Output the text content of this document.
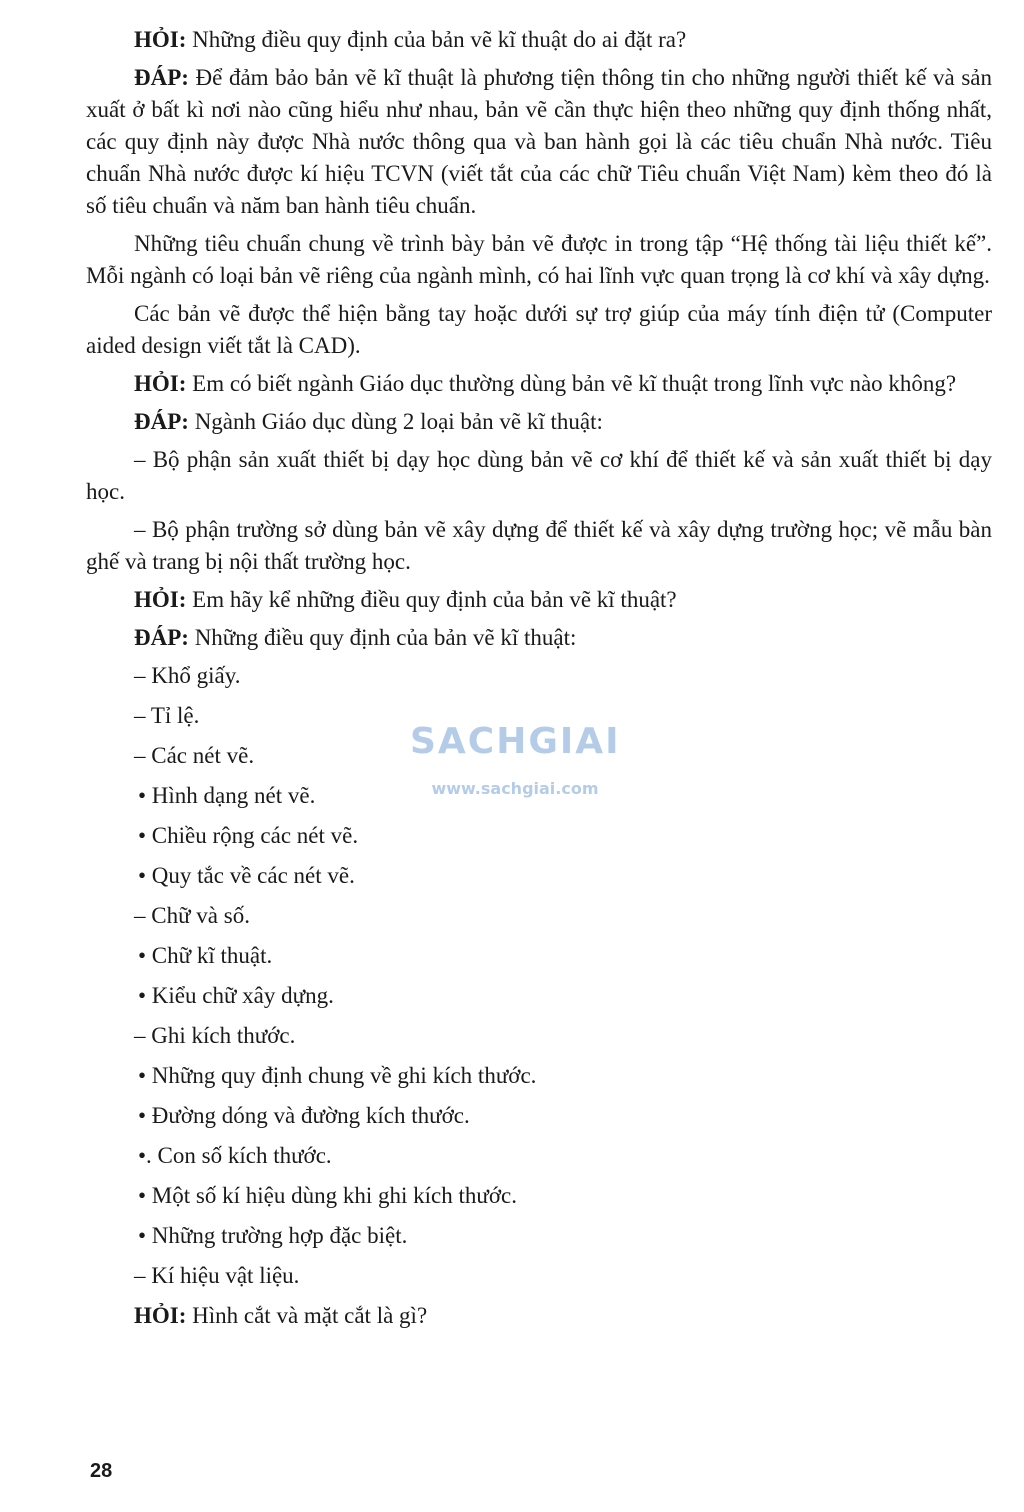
HỎI: Những điều quy định của bản vẽ kĩ thuật do ai đặt ra?

ĐÁP: Để đảm bảo bản vẽ kĩ thuật là phương tiện thông tin cho những người thiết kế và sản xuất ở bất kì nơi nào cũng hiểu như nhau, bản vẽ cần thực hiện theo những quy định thống nhất, các quy định này được Nhà nước thông qua và ban hành gọi là các tiêu chuẩn Nhà nước. Tiêu chuẩn Nhà nước được kí hiệu TCVN (viết tắt của các chữ Tiêu chuẩn Việt Nam) kèm theo đó là số tiêu chuẩn và năm ban hành tiêu chuẩn.

Những tiêu chuẩn chung về trình bày bản vẽ được in trong tập “Hệ thống tài liệu thiết kế”. Mỗi ngành có loại bản vẽ riêng của ngành mình, có hai lĩnh vực quan trọng là cơ khí và xây dựng.

Các bản vẽ được thể hiện bằng tay hoặc dưới sự trợ giúp của máy tính điện tử (Computer aided design viết tắt là CAD).

HỎI: Em có biết ngành Giáo dục thường dùng bản vẽ kĩ thuật trong lĩnh vực nào không?

ĐÁP: Ngành Giáo dục dùng 2 loại bản vẽ kĩ thuật:

– Bộ phận sản xuất thiết bị dạy học dùng bản vẽ cơ khí để thiết kế và sản xuất thiết bị dạy học.

– Bộ phận trường sở dùng bản vẽ xây dựng để thiết kế và xây dựng trường học; vẽ mẫu bàn ghế và trang bị nội thất trường học.

HỎI: Em hãy kể những điều quy định của bản vẽ kĩ thuật?

ĐÁP: Những điều quy định của bản vẽ kĩ thuật:

– Khổ giấy.

– Tỉ lệ.

– Các nét vẽ.

• Hình dạng nét vẽ.

• Chiều rộng các nét vẽ.

• Quy tắc về các nét vẽ.

– Chữ và số.

• Chữ kĩ thuật.

• Kiểu chữ xây dựng.

– Ghi kích thước.

• Những quy định chung về ghi kích thước.

• Đường dóng và đường kích thước.

•. Con số kích thước.

• Một số kí hiệu dùng khi ghi kích thước.

• Những trường hợp đặc biệt.

– Kí hiệu vật liệu.

HỎI: Hình cắt và mặt cắt là gì?

SACHGIAI
www.sachgiai.com
28
